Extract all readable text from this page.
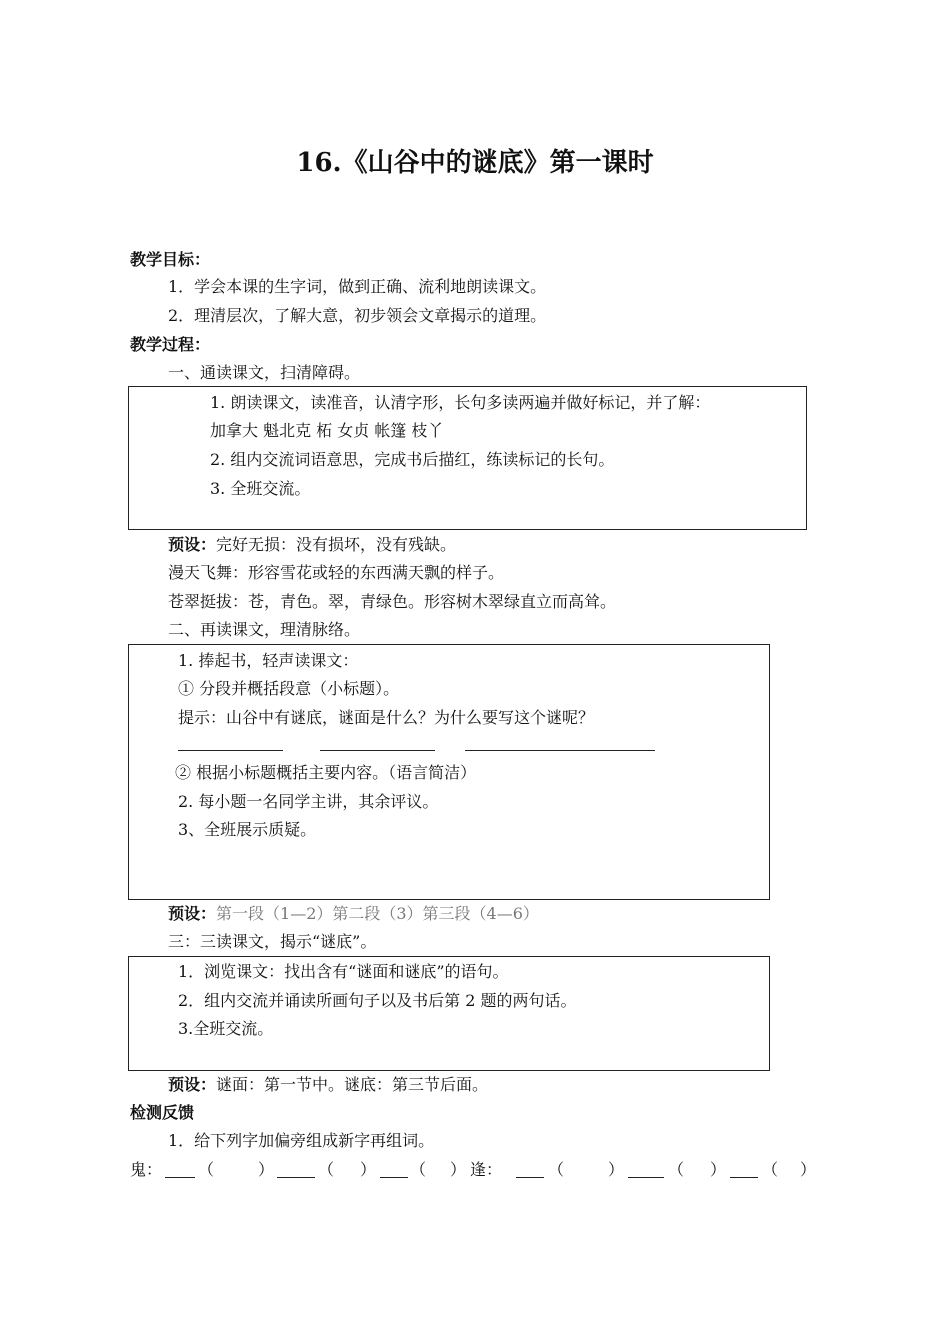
16.《山谷中的谜底》第一课时
教学目标：
1．学会本课的生字词，做到正确、流利地朗读课文。
2．理清层次，了解大意，初步领会文章揭示的道理。
教学过程：
一、通读课文，扫清障碍。
1. 朗读课文，读准音，认清字形，长句多读两遍并做好标记，并了解：
加拿大 魁北克 柘 女贞 帐篷 枝丫
2. 组内交流词语意思，完成书后描红，练读标记的长句。
3. 全班交流。
预设：完好无损：没有损坏，没有残缺。
漫天飞舞：形容雪花或轻的东西满天飘的样子。
苍翠挺拔：苍，青色。翠，青绿色。形容树木翠绿直立而高耸。
二、再读课文，理清脉络。
1. 捧起书，轻声读课文：
① 分段并概括段意（小标题）。
提示：山谷中有谜底，谜面是什么？为什么要写这个谜呢？
② 根据小标题概括主要内容。（语言简洁）
2. 每小题一名同学主讲，其余评议。
3、全班展示质疑。
预设：第一段（1—2）第二段（3）第三段（4—6）
三：三读课文，揭示“谜底”。
1．浏览课文：找出含有“谜面和谜底”的语句。
2．组内交流并诵读所画句子以及书后第 2 题的两句话。
3.全班交流。
预设：谜面：第一节中。谜底：第三节后面。
检测反馈
1．给下列字加偏旁组成新字再组词。
鬼： （	）	（ ） （ ） 逢：	（	）	（ ） （ ）
